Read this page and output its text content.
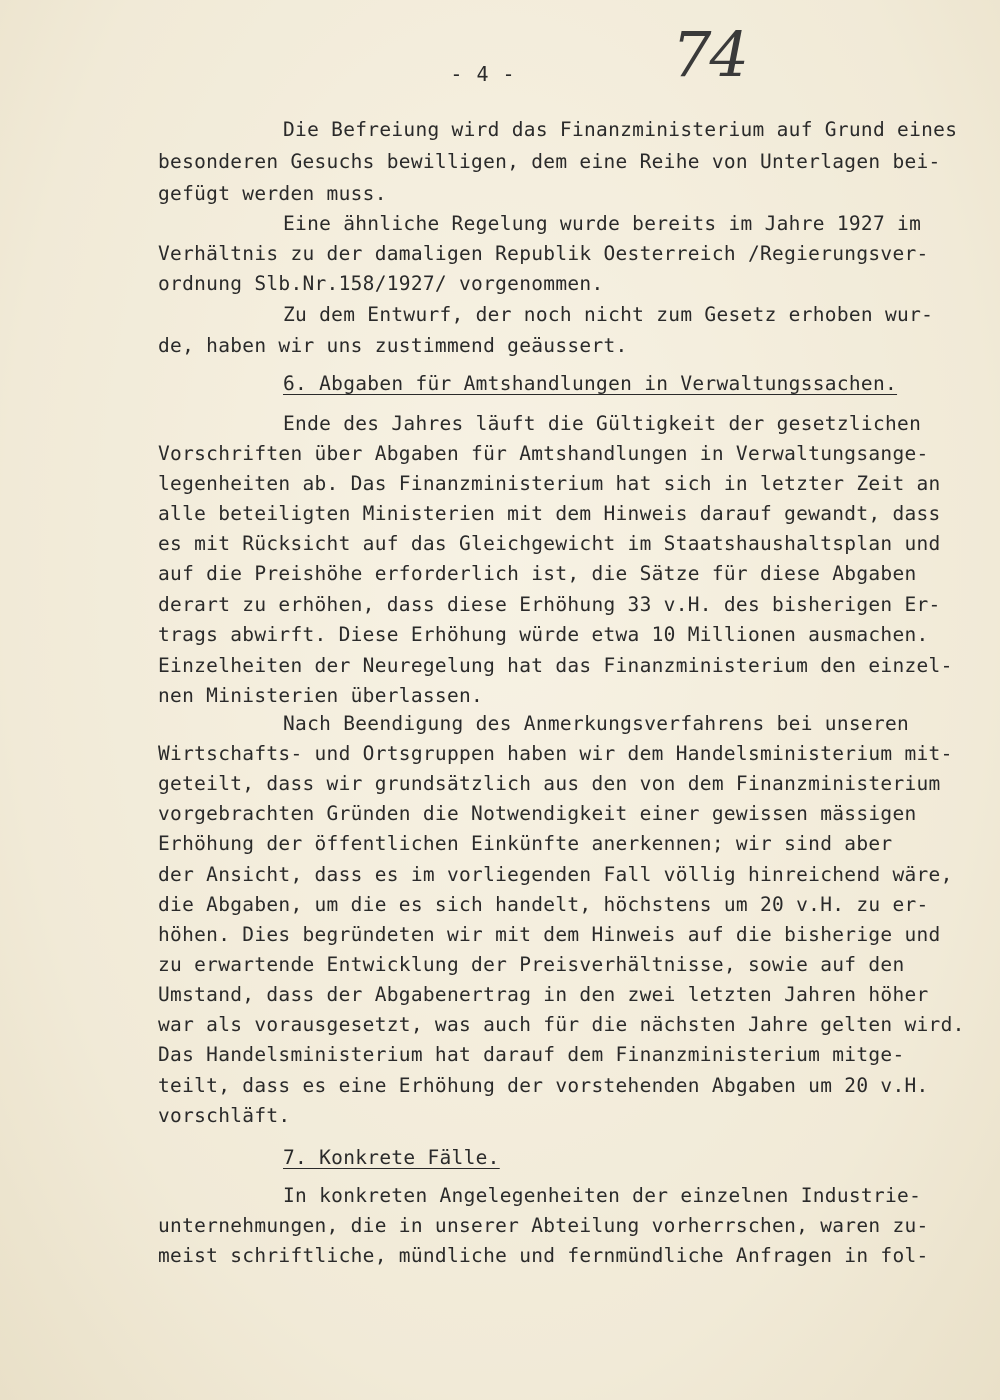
- 4 -	74
Die Befreiung wird das Finanzministerium auf Grund eines
besonderen Gesuchs bewilligen, dem eine Reihe von Unterlagen bei-
gefügt werden muss.
Eine ähnliche Regelung wurde bereits im Jahre 1927 im
Verhältnis zu der damaligen Republik Oesterreich /Regierungsver-
ordnung Slb.Nr.158/1927/ vorgenommen.
Zu dem Entwurf, der noch nicht zum Gesetz erhoben wur-
de, haben wir uns zustimmend geäussert.
6. Abgaben für Amtshandlungen in Verwaltungssachen.
Ende des Jahres läuft die Gültigkeit der gesetzlichen
Vorschriften über Abgaben für Amtshandlungen in Verwaltungsange-
legenheiten ab. Das Finanzministerium hat sich in letzter Zeit an
alle beteiligten Ministerien mit dem Hinweis darauf gewandt, dass
es mit Rücksicht auf das Gleichgewicht im Staatshaushaltsplan und
auf die Preishöhe erforderlich ist, die Sätze für diese Abgaben
derart zu erhöhen, dass diese Erhöhung 33 v.H. des bisherigen Er-
trags abwirft. Diese Erhöhung würde etwa 10 Millionen ausmachen.
Einzelheiten der Neuregelung hat das Finanzministerium den einzel-
nen Ministerien überlassen.
Nach Beendigung des Anmerkungsverfahrens bei unseren
Wirtschafts- und Ortsgruppen haben wir dem Handelsministerium mit-
geteilt, dass wir grundsätzlich aus den von dem Finanzministerium
vorgebrachten Gründen die Notwendigkeit einer gewissen mässigen
Erhöhung der öffentlichen Einkünfte anerkennen; wir sind aber
der Ansicht, dass es im vorliegenden Fall völlig hinreichend wäre,
die Abgaben, um die es sich handelt, höchstens um 20 v.H. zu er-
höhen. Dies begründeten wir mit dem Hinweis auf die bisherige und
zu erwartende Entwicklung der Preisverhältnisse, sowie auf den
Umstand, dass der Abgabenertrag in den zwei letzten Jahren höher
war als vorausgesetzt, was auch für die nächsten Jahre gelten wird.
Das Handelsministerium hat darauf dem Finanzministerium mitge-
teilt, dass es eine Erhöhung der vorstehenden Abgaben um 20 v.H.
vorschläft.
7. Konkrete Fälle.
In konkreten Angelegenheiten der einzelnen Industrie-
unternehmungen, die in unserer Abteilung vorherrschen, waren zu-
meist schriftliche, mündliche und fernmündliche Anfragen in fol-
